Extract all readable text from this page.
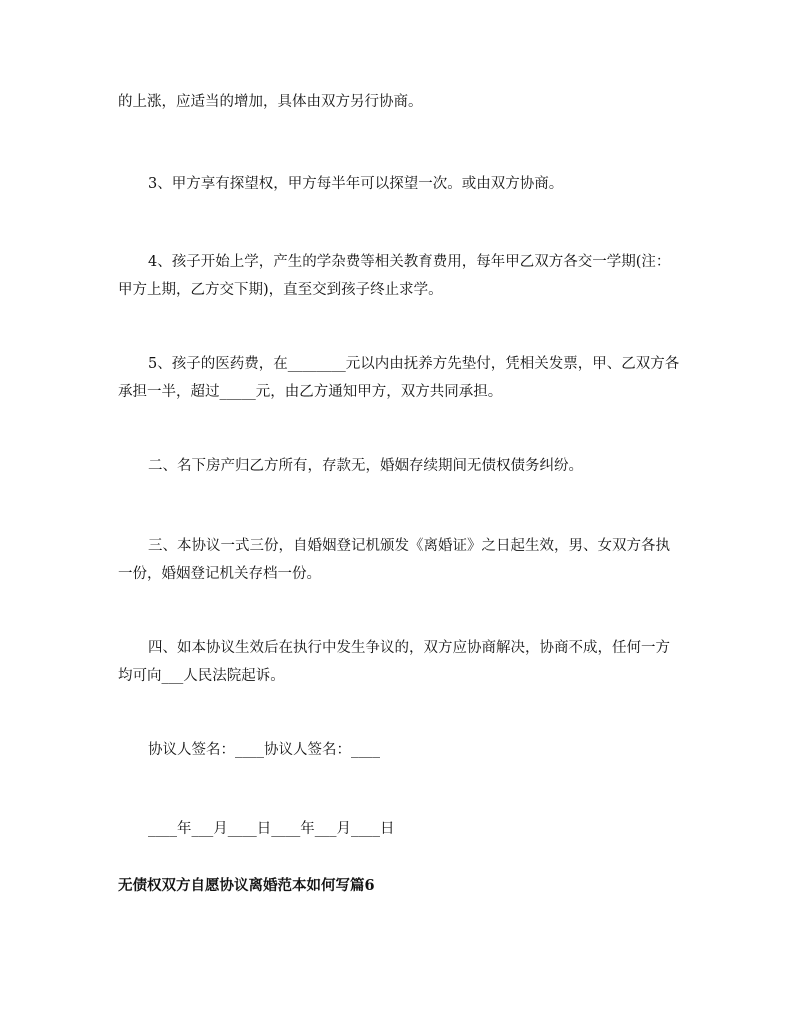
的上涨，应适当的增加，具体由双方另行协商。

3、甲方享有探望权，甲方每半年可以探望一次。或由双方协商。

4、孩子开始上学，产生的学杂费等相关教育费用，每年甲乙双方各交一学期(注：甲方上期，乙方交下期)，直至交到孩子终止求学。

5、孩子的医药费，在________元以内由抚养方先垫付，凭相关发票，甲、乙双方各承担一半，超过_____元，由乙方通知甲方，双方共同承担。

二、名下房产归乙方所有，存款无，婚姻存续期间无债权债务纠纷。

三、本协议一式三份，自婚姻登记机颁发《离婚证》之日起生效，男、女双方各执一份，婚姻登记机关存档一份。

四、如本协议生效后在执行中发生争议的，双方应协商解决，协商不成，任何一方均可向___人民法院起诉。

协议人签名：____协议人签名：____

____年___月____日____年___月____日

无债权双方自愿协议离婚范本如何写篇6
